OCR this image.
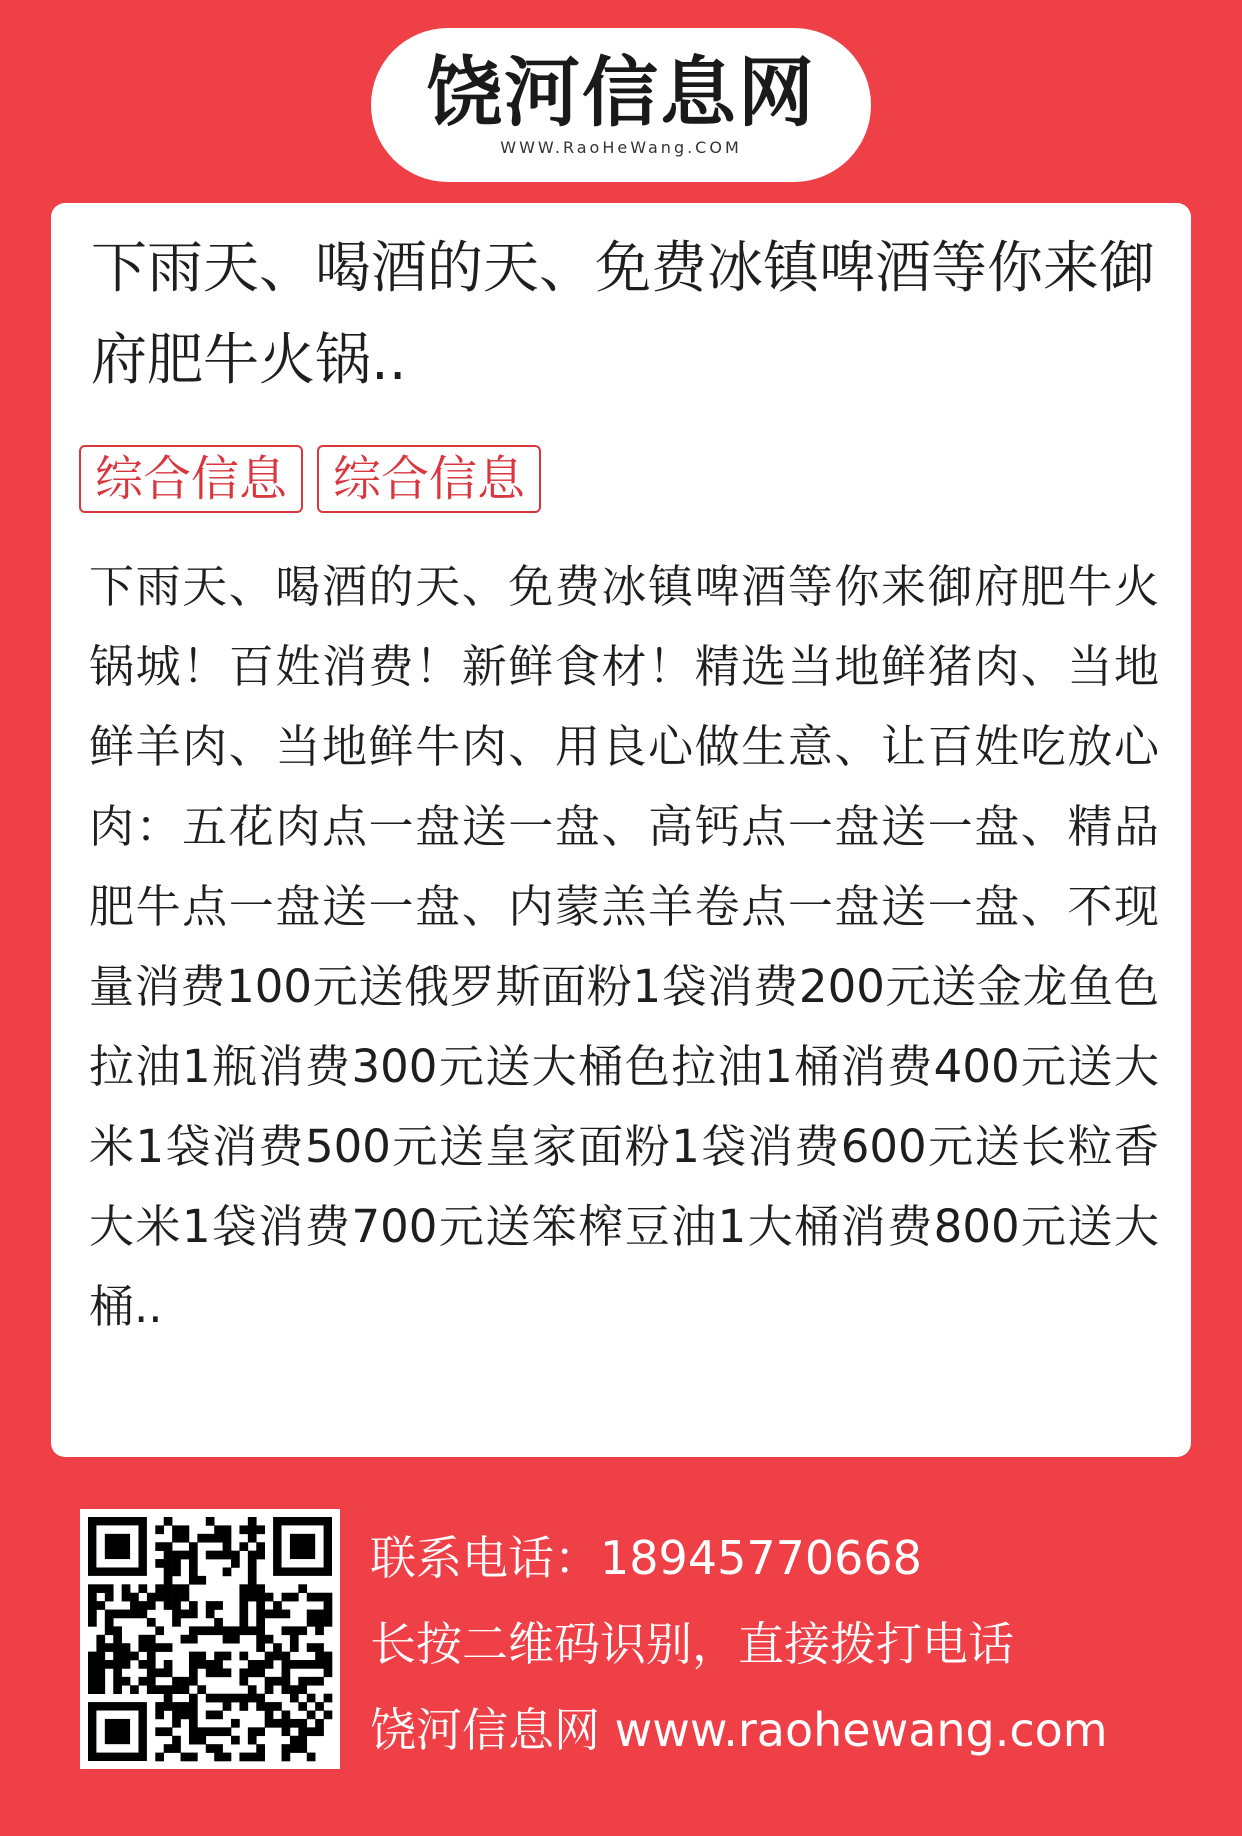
饶河信息网
WWW.RaoHeWang.COM
下雨天、喝酒的天、免费冰镇啤酒等你来御府肥牛火锅..
综合信息 综合信息
下雨天、喝酒的天、免费冰镇啤酒等你来御府肥牛火锅城！百姓消费！新鲜食材！精选当地鲜猪肉、当地鲜羊肉、当地鲜牛肉、用良心做生意、让百姓吃放心肉：五花肉点一盘送一盘、高钙点一盘送一盘、精品肥牛点一盘送一盘、内蒙羔羊卷点一盘送一盘、不现量消费100元送俄罗斯面粉1袋消费200元送金龙鱼色拉油1瓶消费300元送大桶色拉油1桶消费400元送大米1袋消费500元送皇家面粉1袋消费600元送长粒香大米1袋消费700元送笨榨豆油1大桶消费800元送大桶..
联系电话：18945770668
长按二维码识别，直接拨打电话
饶河信息网 www.raohewang.com
